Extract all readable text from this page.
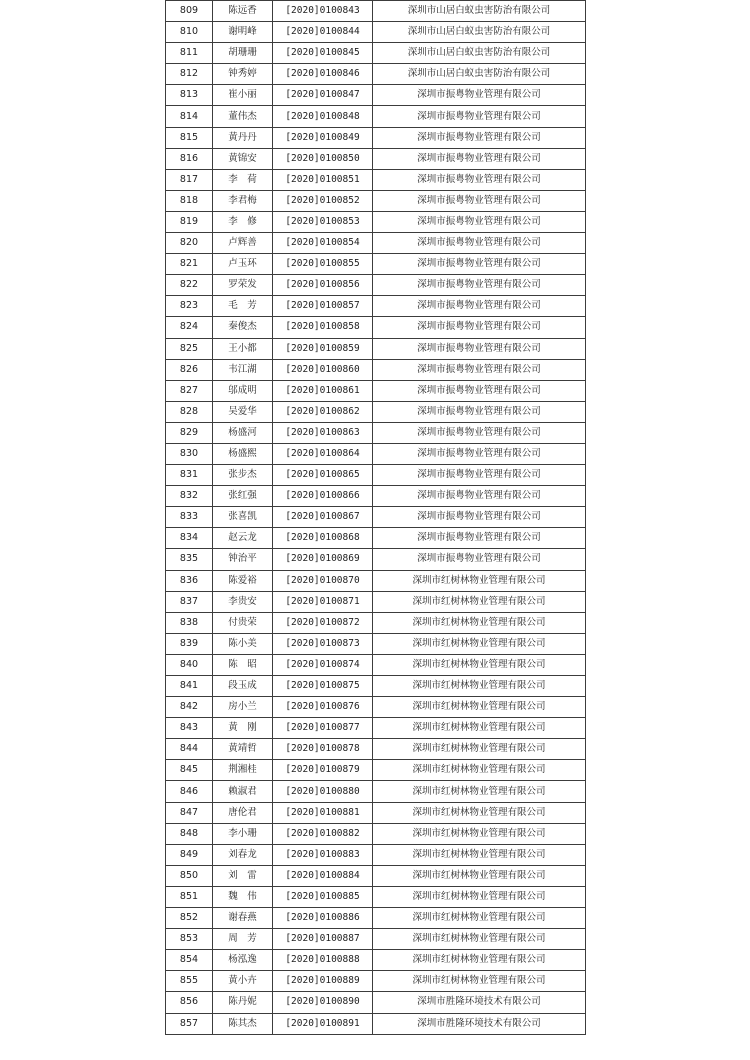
809	陈远香	[2020]0100843	深圳市山居白蚁虫害防治有限公司
810	谢明峰	[2020]0100844	深圳市山居白蚁虫害防治有限公司
811	胡珊珊	[2020]0100845	深圳市山居白蚁虫害防治有限公司
812	钟秀婷	[2020]0100846	深圳市山居白蚁虫害防治有限公司
813	崔小丽	[2020]0100847	深圳市振粤物业管理有限公司
814	董伟杰	[2020]0100848	深圳市振粤物业管理有限公司
815	黄丹丹	[2020]0100849	深圳市振粤物业管理有限公司
816	黄锦安	[2020]0100850	深圳市振粤物业管理有限公司
817	李　荷	[2020]0100851	深圳市振粤物业管理有限公司
818	李君梅	[2020]0100852	深圳市振粤物业管理有限公司
819	李　修	[2020]0100853	深圳市振粤物业管理有限公司
820	卢辉善	[2020]0100854	深圳市振粤物业管理有限公司
821	卢玉环	[2020]0100855	深圳市振粤物业管理有限公司
822	罗荣发	[2020]0100856	深圳市振粤物业管理有限公司
823	毛　芳	[2020]0100857	深圳市振粤物业管理有限公司
824	秦俊杰	[2020]0100858	深圳市振粤物业管理有限公司
825	王小都	[2020]0100859	深圳市振粤物业管理有限公司
826	韦江湖	[2020]0100860	深圳市振粤物业管理有限公司
827	邬成明	[2020]0100861	深圳市振粤物业管理有限公司
828	吴爱华	[2020]0100862	深圳市振粤物业管理有限公司
829	杨盛河	[2020]0100863	深圳市振粤物业管理有限公司
830	杨盛熙	[2020]0100864	深圳市振粤物业管理有限公司
831	张步杰	[2020]0100865	深圳市振粤物业管理有限公司
832	张红强	[2020]0100866	深圳市振粤物业管理有限公司
833	张喜凯	[2020]0100867	深圳市振粤物业管理有限公司
834	赵云龙	[2020]0100868	深圳市振粤物业管理有限公司
835	钟治平	[2020]0100869	深圳市振粤物业管理有限公司
836	陈爱裕	[2020]0100870	深圳市红树林物业管理有限公司
837	李贵安	[2020]0100871	深圳市红树林物业管理有限公司
838	付贵荣	[2020]0100872	深圳市红树林物业管理有限公司
839	陈小美	[2020]0100873	深圳市红树林物业管理有限公司
840	陈　昭	[2020]0100874	深圳市红树林物业管理有限公司
841	段玉成	[2020]0100875	深圳市红树林物业管理有限公司
842	房小兰	[2020]0100876	深圳市红树林物业管理有限公司
843	黄　刚	[2020]0100877	深圳市红树林物业管理有限公司
844	黄靖哲	[2020]0100878	深圳市红树林物业管理有限公司
845	荆湘桂	[2020]0100879	深圳市红树林物业管理有限公司
846	赖淑君	[2020]0100880	深圳市红树林物业管理有限公司
847	唐伦君	[2020]0100881	深圳市红树林物业管理有限公司
848	李小珊	[2020]0100882	深圳市红树林物业管理有限公司
849	刘春龙	[2020]0100883	深圳市红树林物业管理有限公司
850	刘　雷	[2020]0100884	深圳市红树林物业管理有限公司
851	魏　伟	[2020]0100885	深圳市红树林物业管理有限公司
852	谢春燕	[2020]0100886	深圳市红树林物业管理有限公司
853	周　芳	[2020]0100887	深圳市红树林物业管理有限公司
854	杨泓逸	[2020]0100888	深圳市红树林物业管理有限公司
855	黄小卉	[2020]0100889	深圳市红树林物业管理有限公司
856	陈丹妮	[2020]0100890	深圳市胜隆环境技术有限公司
857	陈其杰	[2020]0100891	深圳市胜隆环境技术有限公司
